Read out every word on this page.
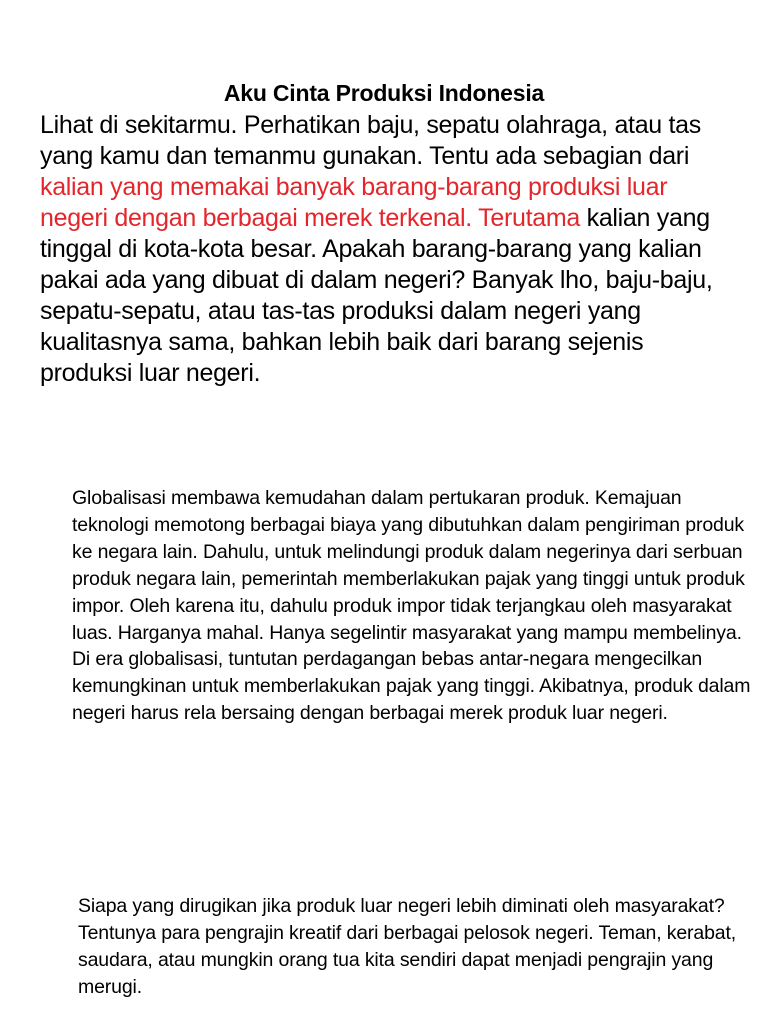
Aku Cinta Produksi Indonesia

Lihat di sekitarmu. Perhatikan baju, sepatu olahraga, atau tas yang kamu dan temanmu gunakan. Tentu ada sebagian dari kalian yang memakai banyak barang-barang produksi luar negeri dengan berbagai merek terkenal. Terutama kalian yang tinggal di kota-kota besar. Apakah barang-barang yang kalian pakai ada yang dibuat di dalam negeri? Banyak lho, baju-baju, sepatu-sepatu, atau tas-tas produksi dalam negeri yang kualitasnya sama, bahkan lebih baik dari barang sejenis produksi luar negeri.

Globalisasi membawa kemudahan dalam pertukaran produk. Kemajuan teknologi memotong berbagai biaya yang dibutuhkan dalam pengiriman produk ke negara lain. Dahulu, untuk melindungi produk dalam negerinya dari serbuan produk negara lain, pemerintah memberlakukan pajak yang tinggi untuk produk impor. Oleh karena itu, dahulu produk impor tidak terjangkau oleh masyarakat luas. Harganya mahal. Hanya segelintir masyarakat yang mampu membelinya. Di era globalisasi, tuntutan perdagangan bebas antar-negara mengecilkan kemungkinan untuk memberlakukan pajak yang tinggi. Akibatnya, produk dalam negeri harus rela bersaing dengan berbagai merek produk luar negeri.

Siapa yang dirugikan jika produk luar negeri lebih diminati oleh masyarakat? Tentunya para pengrajin kreatif dari berbagai pelosok negeri. Teman, kerabat, saudara, atau mungkin orang tua kita sendiri dapat menjadi pengrajin yang merugi.
